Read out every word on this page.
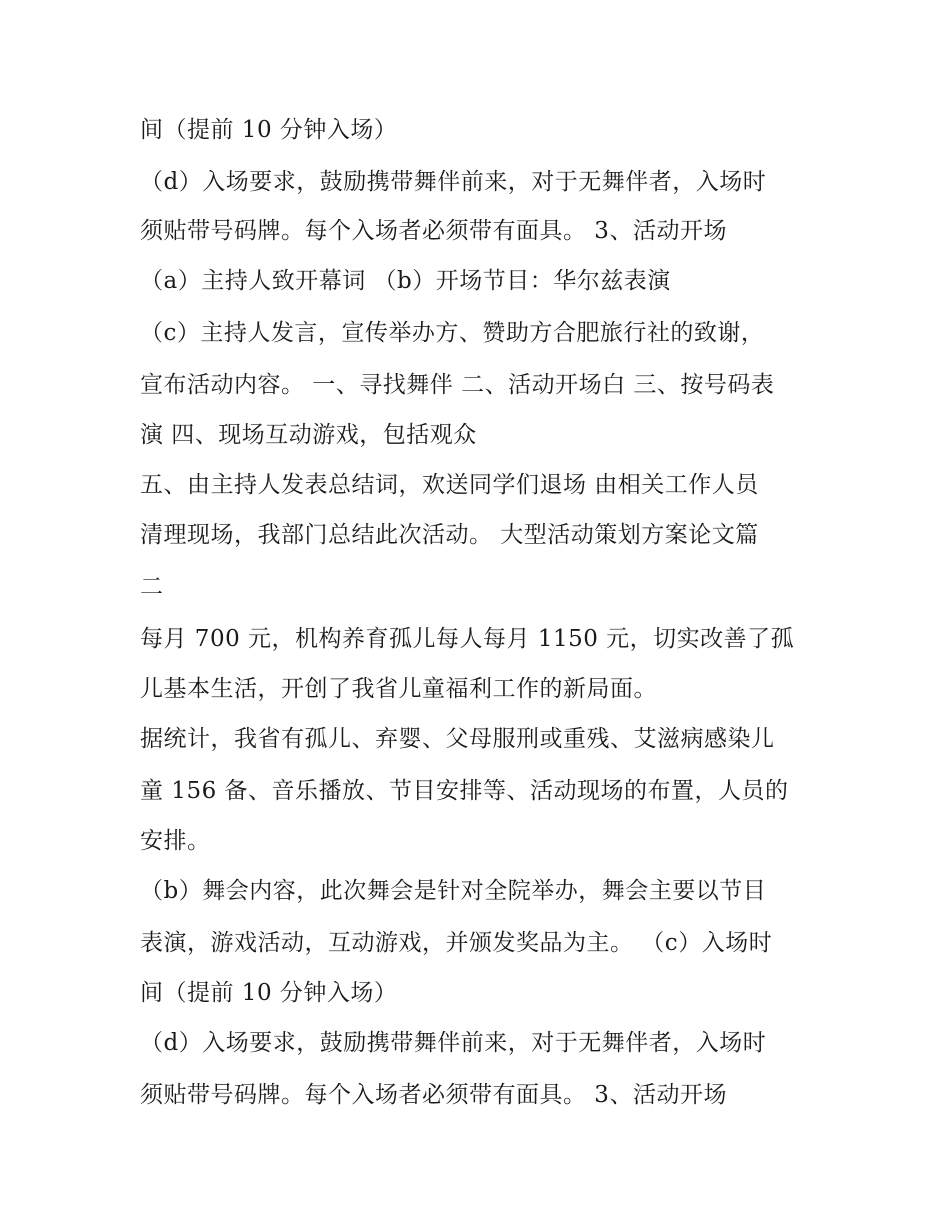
间（提前 10 分钟入场）

（d）入场要求，鼓励携带舞伴前来，对于无舞伴者，入场时

须贴带号码牌。每个入场者必须带有面具。 3、活动开场

（a）主持人致开幕词 （b）开场节目：华尔兹表演

（c）主持人发言，宣传举办方、赞助方合肥旅行社的致谢，

宣布活动内容。 一、寻找舞伴 二、活动开场白 三、按号码表

演 四、现场互动游戏，包括观众

五、由主持人发表总结词，欢送同学们退场 由相关工作人员

清理现场，我部门总结此次活动。 大型活动策划方案论文篇

二

每月 700 元，机构养育孤儿每人每月 1150 元，切实改善了孤

儿基本生活，开创了我省儿童福利工作的新局面。

据统计，我省有孤儿、弃婴、父母服刑或重残、艾滋病感染儿

童 156 备、音乐播放、节目安排等、活动现场的布置，人员的

安排。

（b）舞会内容，此次舞会是针对全院举办，舞会主要以节目

表演，游戏活动，互动游戏，并颁发奖品为主。 （c）入场时

间（提前 10 分钟入场）

（d）入场要求，鼓励携带舞伴前来，对于无舞伴者，入场时

须贴带号码牌。每个入场者必须带有面具。 3、活动开场
